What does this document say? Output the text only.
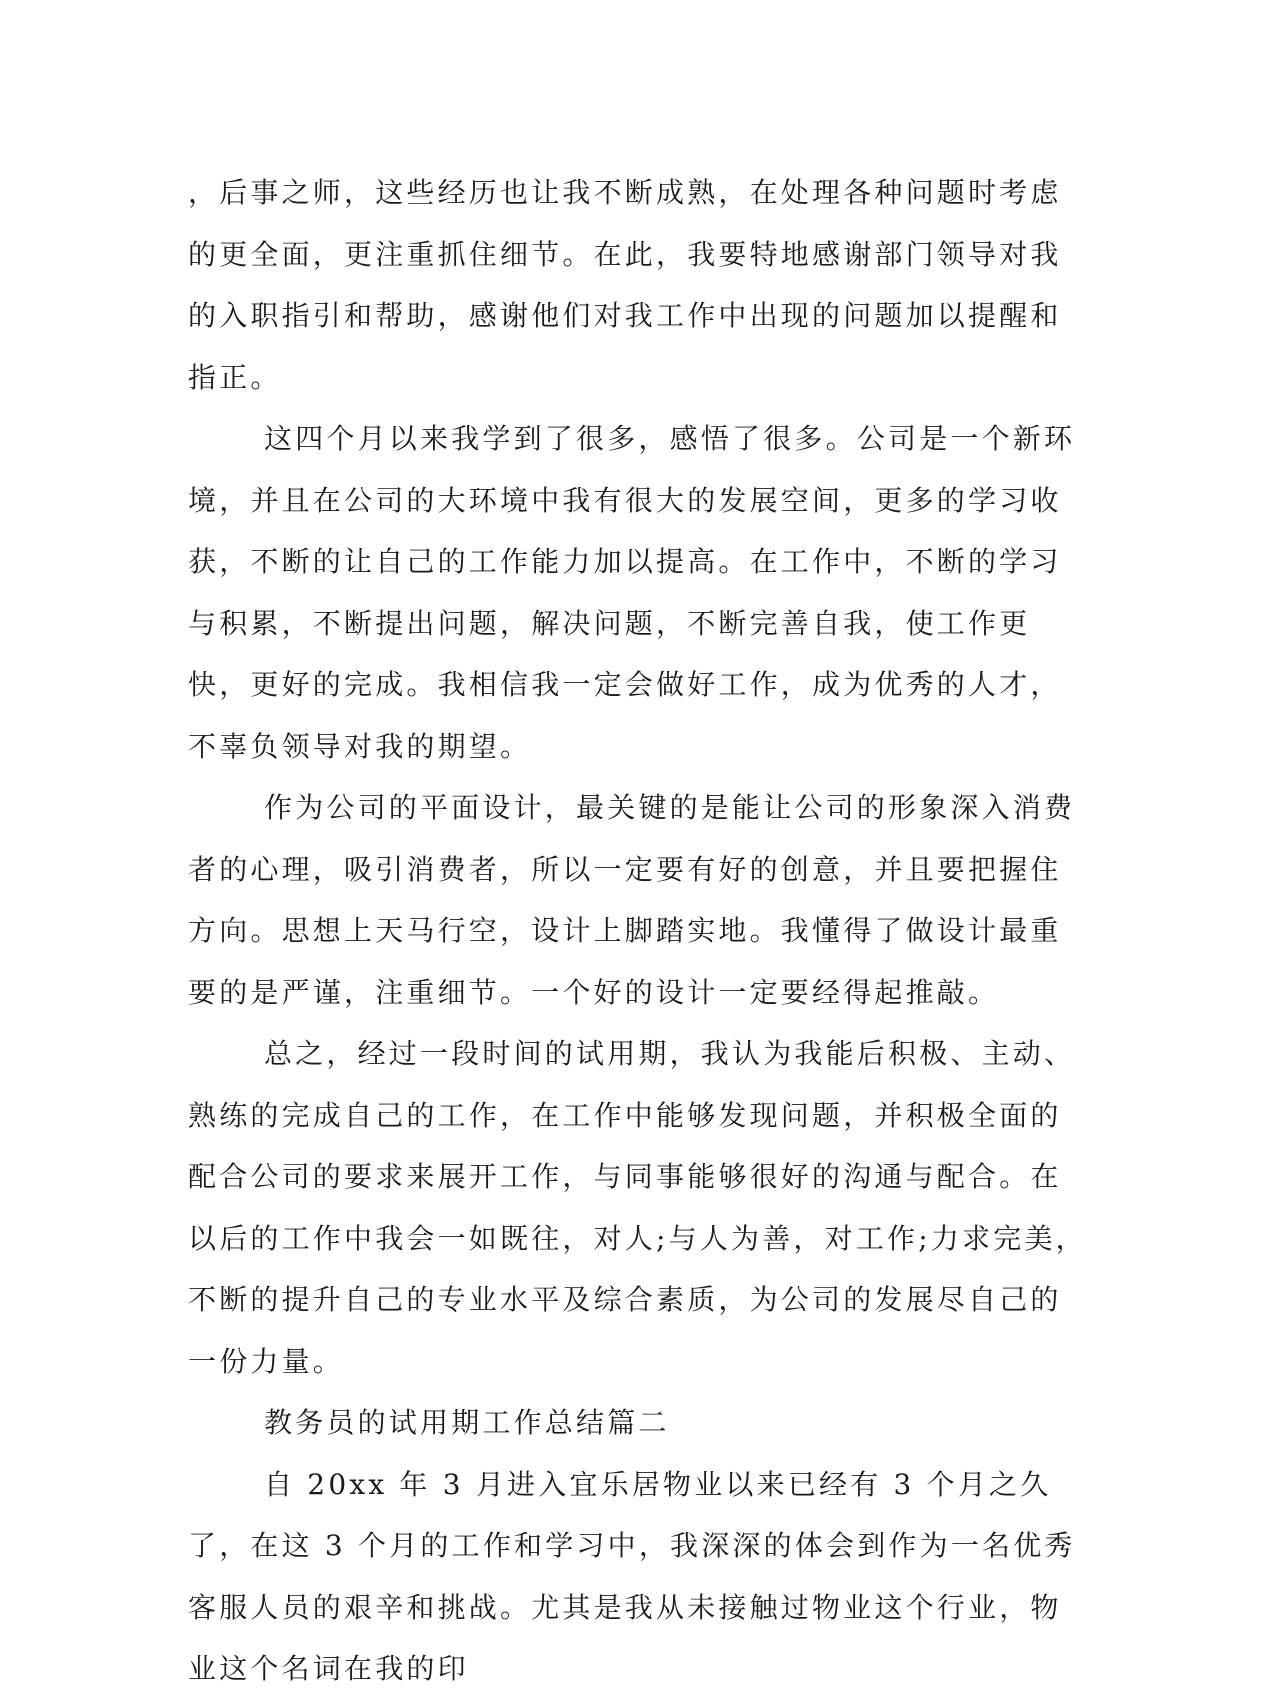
，后事之师，这些经历也让我不断成熟，在处理各种问题时考虑的更全面，更注重抓住细节。在此，我要特地感谢部门领导对我的入职指引和帮助，感谢他们对我工作中出现的问题加以提醒和指正。

这四个月以来我学到了很多，感悟了很多。公司是一个新环境，并且在公司的大环境中我有很大的发展空间，更多的学习收获，不断的让自己的工作能力加以提高。在工作中，不断的学习与积累，不断提出问题，解决问题，不断完善自我，使工作更快，更好的完成。我相信我一定会做好工作，成为优秀的人才，不辜负领导对我的期望。

作为公司的平面设计，最关键的是能让公司的形象深入消费者的心理，吸引消费者，所以一定要有好的创意，并且要把握住方向。思想上天马行空，设计上脚踏实地。我懂得了做设计最重要的是严谨，注重细节。一个好的设计一定要经得起推敲。

总之，经过一段时间的试用期，我认为我能后积极、主动、熟练的完成自己的工作，在工作中能够发现问题，并积极全面的配合公司的要求来展开工作，与同事能够很好的沟通与配合。在以后的工作中我会一如既往，对人;与人为善，对工作;力求完美，不断的提升自己的专业水平及综合素质，为公司的发展尽自己的一份力量。

教务员的试用期工作总结篇二

自 20xx 年 3 月进入宜乐居物业以来已经有 3 个月之久了，在这 3 个月的工作和学习中，我深深的体会到作为一名优秀客服人员的艰辛和挑战。尤其是我从未接触过物业这个行业，物业这个名词在我的印
